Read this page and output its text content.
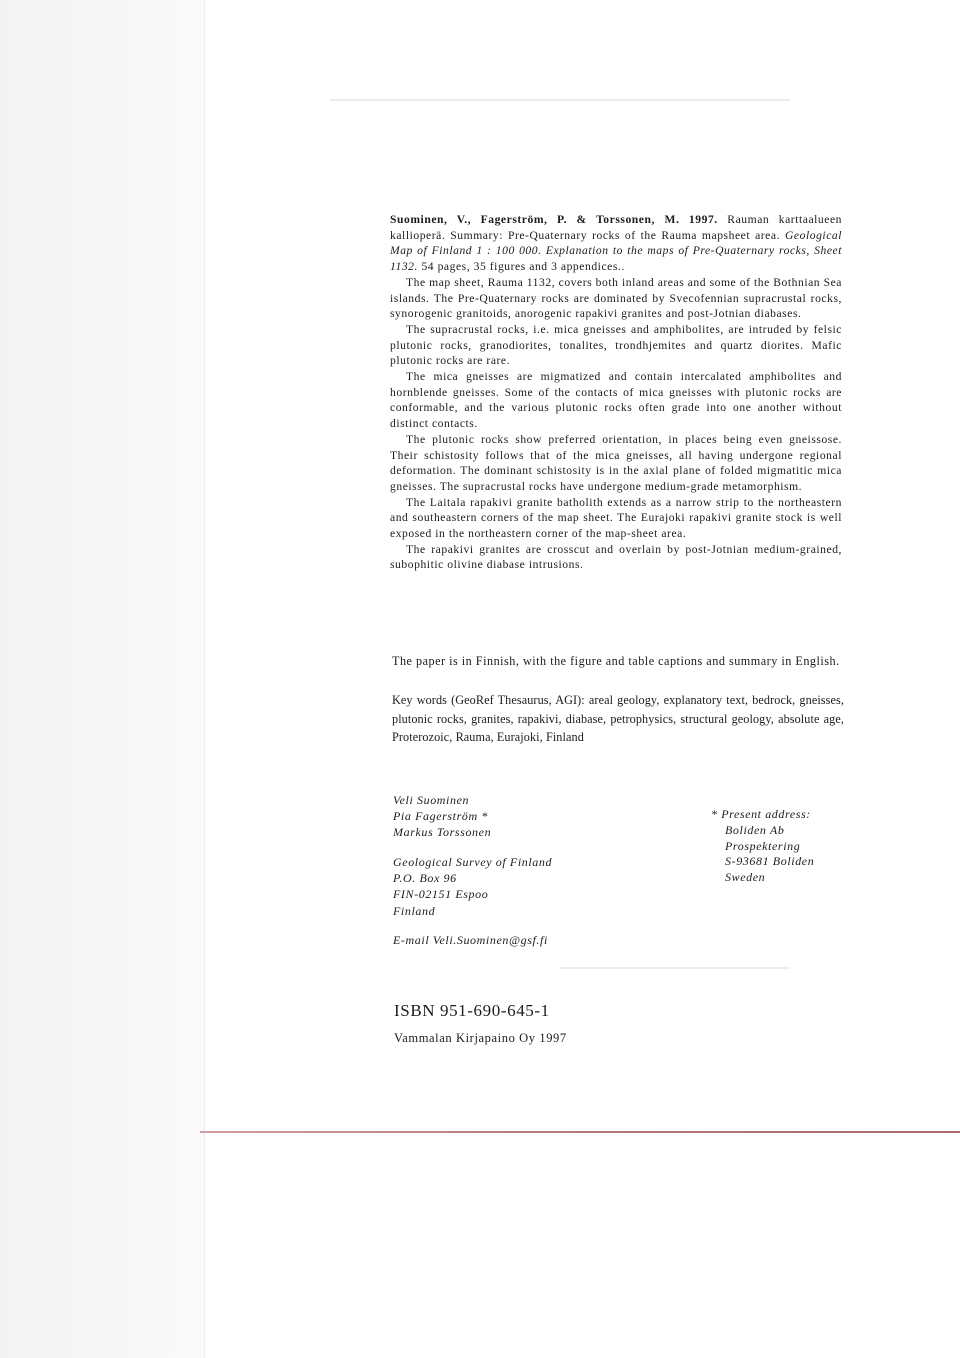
Suominen, V., Fagerström, P. & Torssonen, M. 1997. Rauman karttaalueen kallioperä. Summary: Pre-Quaternary rocks of the Rauma mapsheet area. Geological Map of Finland 1 : 100 000. Explanation to the maps of Pre-Quaternary rocks, Sheet 1132. 54 pages, 35 figures and 3 appendices..

The map sheet, Rauma 1132, covers both inland areas and some of the Bothnian Sea islands. The Pre-Quaternary rocks are dominated by Svecofennian supracrustal rocks, synorogenic granitoids, anorogenic rapakivi granites and post-Jotnian diabases.

The supracrustal rocks, i.e. mica gneisses and amphibolites, are intruded by felsic plutonic rocks, granodiorites, tonalites, trondhjemites and quartz diorites. Mafic plutonic rocks are rare.

The mica gneisses are migmatized and contain intercalated amphibolites and hornblende gneisses. Some of the contacts of mica gneisses with plutonic rocks are conformable, and the various plutonic rocks often grade into one another without distinct contacts.

The plutonic rocks show preferred orientation, in places being even gneissose. Their schistosity follows that of the mica gneisses, all having undergone regional deformation. The dominant schistosity is in the axial plane of folded migmatitic mica gneisses. The supracrustal rocks have undergone medium-grade metamorphism.

The Laitala rapakivi granite batholith extends as a narrow strip to the northeastern and southeastern corners of the map sheet. The Eurajoki rapakivi granite stock is well exposed in the northeastern corner of the map-sheet area.

The rapakivi granites are crosscut and overlain by post-Jotnian medium-grained, subophitic olivine diabase intrusions.

The paper is in Finnish, with the figure and table captions and summary in English.
Key words (GeoRef Thesaurus, AGI): areal geology, explanatory text, bedrock, gneisses, plutonic rocks, granites, rapakivi, diabase, petrophysics, structural geology, absolute age, Proterozoic, Rauma, Eurajoki, Finland
Veli Suominen
Pia Fagerström *
Markus Torssonen
Geological Survey of Finland
P.O. Box 96
FIN-02151 Espoo
Finland
E-mail Veli.Suominen@gsf.fi
* Present address:
Boliden Ab
Prospektering
S-93681 Boliden
Sweden
ISBN 951-690-645-1
Vammalan Kirjapaino Oy 1997
